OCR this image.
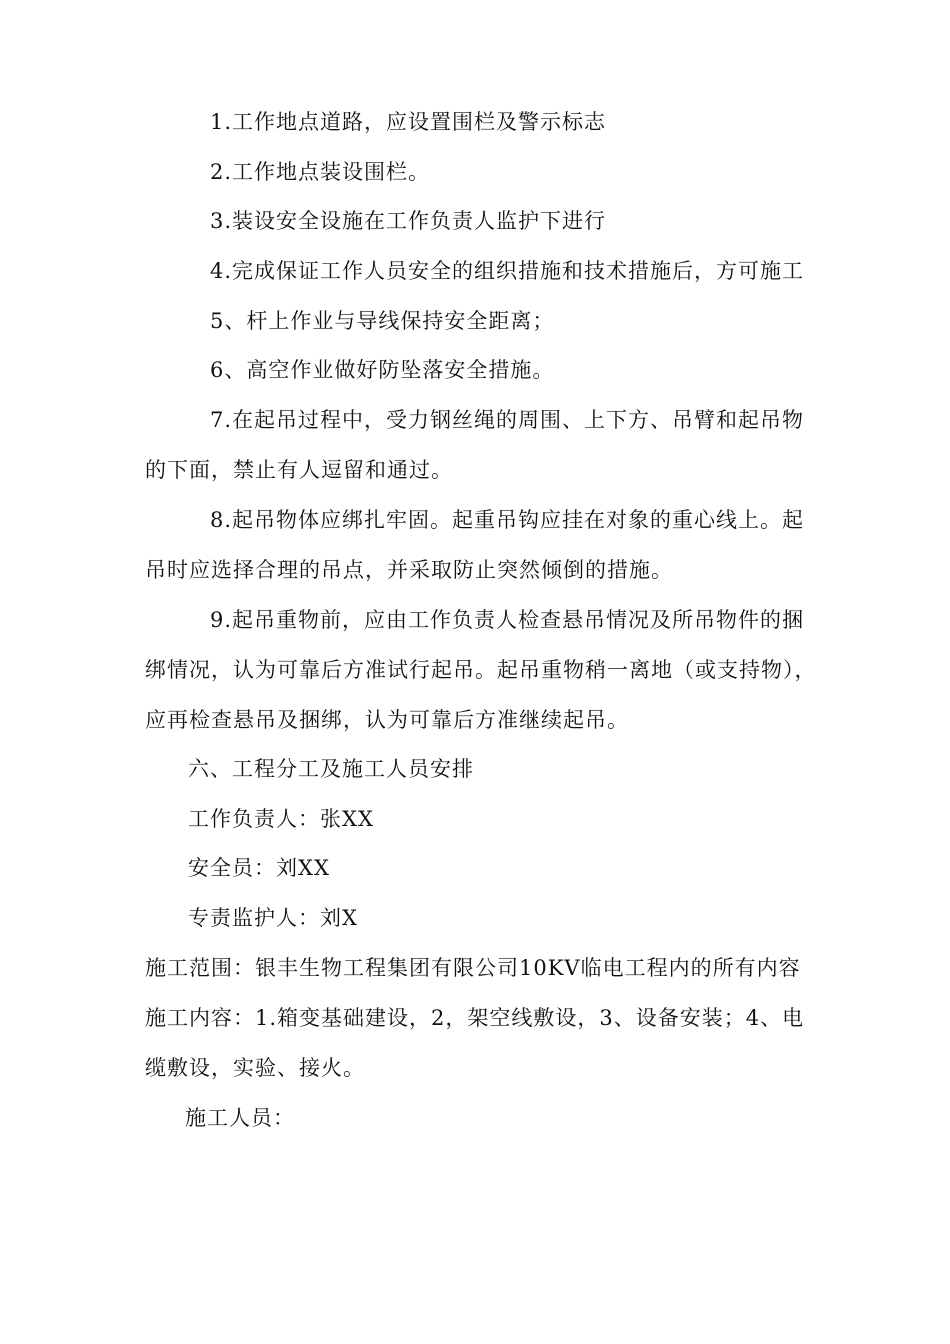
1.工作地点道路，应设置围栏及警示标志
2.工作地点装设围栏。
3.装设安全设施在工作负责人监护下进行
4.完成保证工作人员安全的组织措施和技术措施后，方可施工
5、杆上作业与导线保持安全距离；
6、高空作业做好防坠落安全措施。
7.在起吊过程中，受力钢丝绳的周围、上下方、吊臂和起吊物
的下面，禁止有人逗留和通过。
8.起吊物体应绑扎牢固。起重吊钩应挂在对象的重心线上。起
吊时应选择合理的吊点，并采取防止突然倾倒的措施。
9.起吊重物前，应由工作负责人检查悬吊情况及所吊物件的捆
绑情况，认为可靠后方准试行起吊。起吊重物稍一离地（或支持物），
应再检查悬吊及捆绑，认为可靠后方准继续起吊。
六、工程分工及施工人员安排
工作负责人：张XX
安全员：刘XX
专责监护人：刘X
施工范围：银丰生物工程集团有限公司10KV临电工程内的所有内容
施工内容：1.箱变基础建设，2，架空线敷设，3、设备安装；4、电
缆敷设，实验、接火。
施工人员：
